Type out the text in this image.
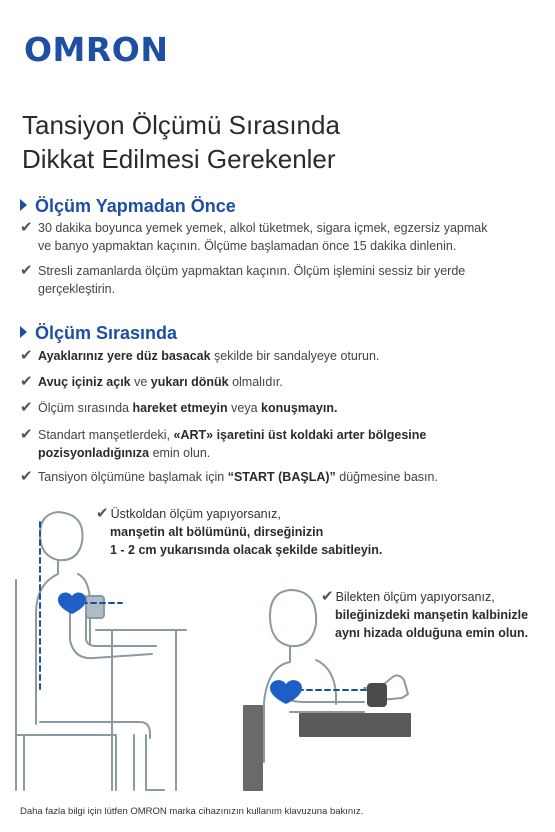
OMRON
Tansiyon Ölçümü Sırasında
Dikkat Edilmesi Gerekenler
Ölçüm Yapmadan Önce
✔ 30 dakika boyunca yemek yemek, alkol tüketmek, sigara içmek, egzersiz yapmak
ve banyo yapmaktan kaçının. Ölçüme başlamadan önce 15 dakika dinlenin.
✔ Stresli zamanlarda ölçüm yapmaktan kaçının. Ölçüm işlemini sessiz bir yerde
gerçekleştirin.
Ölçüm Sırasında
✔ Ayaklarınız yere düz basacak şekilde bir sandalyeye oturun.
✔ Avuç içiniz açık ve yukarı dönük olmalıdır.
✔ Ölçüm sırasında hareket etmeyin veya konuşmayın.
✔ Standart manşetlerdeki, «ART» işaretini üst koldaki arter bölgesine
pozisyonladığınıza emin olun.
✔ Tansiyon ölçümüne başlamak için “START (BAŞLA)” düğmesine basın.
✔ Üstkoldan ölçüm yapıyorsanız,
manşetin alt bölümünü, dirseğinizin
1 - 2 cm yukarısında olacak şekilde sabitleyin.
✔ Bilekten ölçüm yapıyorsanız,
bileğinizdeki manşetin kalbinizle
aynı hizada olduğuna emin olun.
Daha fazla bilgi için lütfen OMRON marka cihazınızın kullanım klavuzuna bakınız.
